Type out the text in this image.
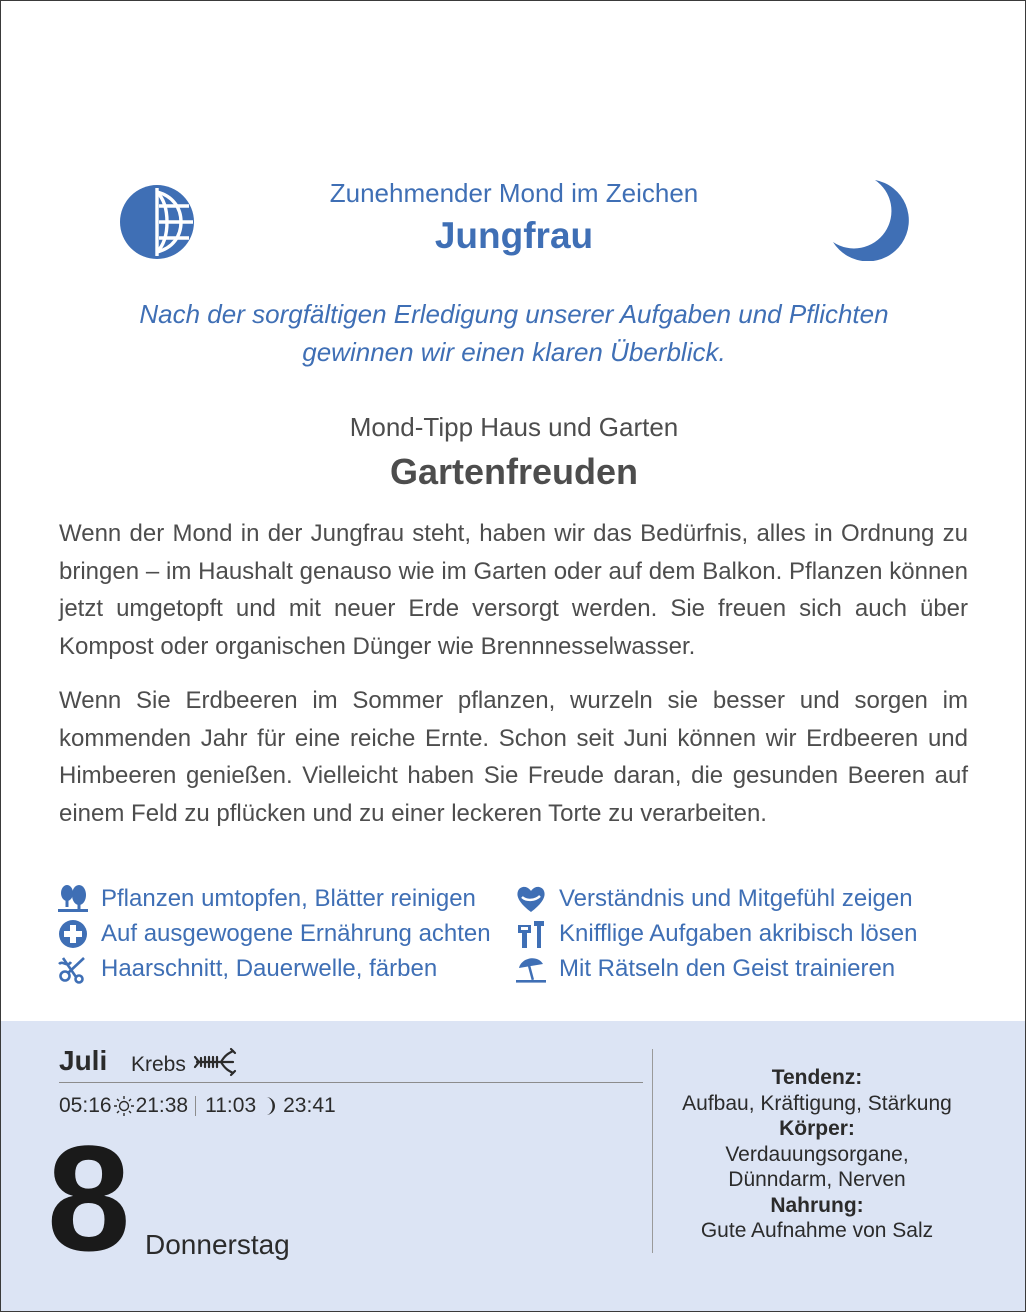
Zunehmender Mond im Zeichen
Jungfrau
Nach der sorgfältigen Erledigung unserer Aufgaben und Pflichten
gewinnen wir einen klaren Überblick.
Mond-Tipp Haus und Garten
Gartenfreuden

Wenn der Mond in der Jungfrau steht, haben wir das Bedürfnis, alles in Ordnung zu bringen – im Haushalt genauso wie im Garten oder auf dem Balkon. Pflanzen können jetzt umgetopft und mit neuer Erde versorgt werden. Sie freuen sich auch über Kompost oder organischen Dünger wie Brennnesselwasser.

Wenn Sie Erdbeeren im Sommer pflanzen, wurzeln sie besser und sorgen im kommenden Jahr für eine reiche Ernte. Schon seit Juni können wir Erdbeeren und Himbeeren genießen. Vielleicht haben Sie Freude daran, die gesunden Beeren auf einem Feld zu pflücken und zu einer leckeren Torte zu verarbeiten.

Pflanzen umtopfen, Blätter reinigen
Auf ausgewogene Ernährung achten
Haarschnitt, Dauerwelle, färben
Verständnis und Mitgefühl zeigen
Knifflige Aufgaben akribisch lösen
Mit Rätseln den Geist trainieren
Juli Krebs
05:16 21:38 11:03 23:41
8 Donnerstag
Tendenz:
Aufbau, Kräftigung, Stärkung
Körper:
Verdauungsorgane,
Dünndarm, Nerven
Nahrung:
Gute Aufnahme von Salz
